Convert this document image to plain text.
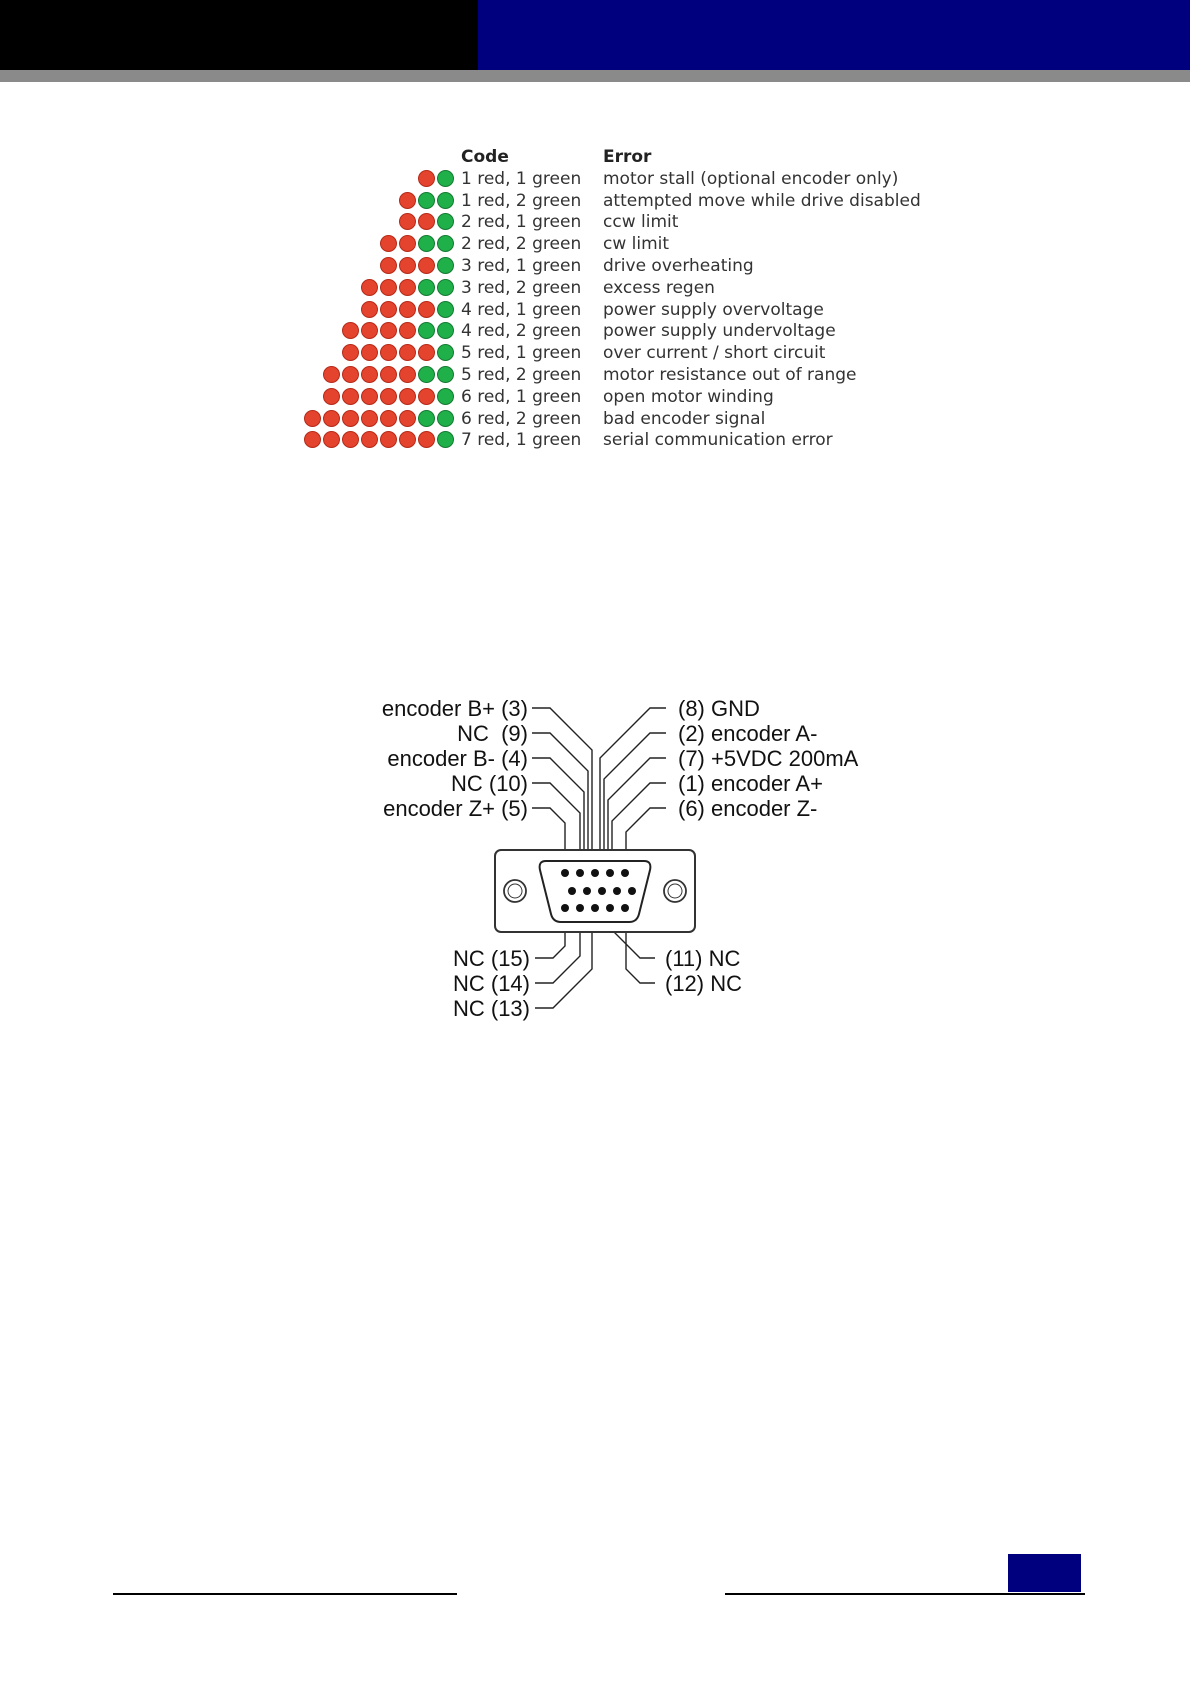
Code	Error
1 red, 1 green motor stall (optional encoder only)
1 red, 2 green attempted move while drive disabled
2 red, 1 green ccw limit
2 red, 2 green cw limit
3 red, 1 green drive overheating
3 red, 2 green excess regen
4 red, 1 green power supply overvoltage
4 red, 2 green power supply undervoltage
5 red, 1 green over current / short circuit
5 red, 2 green motor resistance out of range
6 red, 1 green open motor winding
6 red, 2 green bad encoder signal
7 red, 1 green serial communication error
encoder B+ (3)
NC  (9)
encoder B- (4)
NC (10)
encoder Z+ (5)
(8) GND
(2) encoder A-
(7) +5VDC 200mA
(1) encoder A+
(6) encoder Z-
NC (15)
NC (14)
NC (13)
(11) NC
(12) NC
